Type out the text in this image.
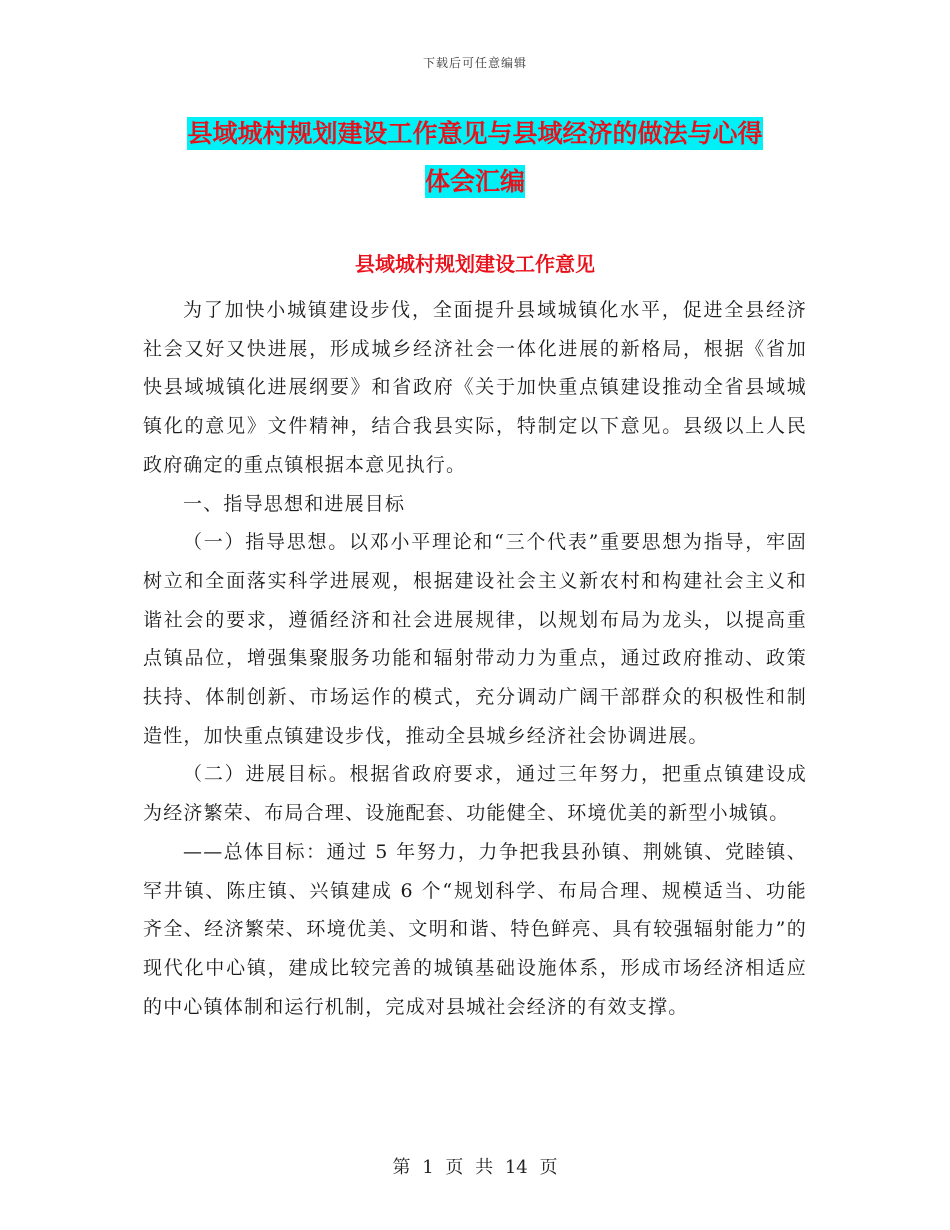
下载后可任意编辑
县域城村规划建设工作意见与县域经济的做法与心得
体会汇编
县域城村规划建设工作意见

为了加快小城镇建设步伐，全面提升县域城镇化水平，促进全县经济社会又好又快进展，形成城乡经济社会一体化进展的新格局，根据《省加快县域城镇化进展纲要》和省政府《关于加快重点镇建设推动全省县域城镇化的意见》文件精神，结合我县实际，特制定以下意见。县级以上人民政府确定的重点镇根据本意见执行。

一、指导思想和进展目标

（一）指导思想。以邓小平理论和“三个代表”重要思想为指导，牢固树立和全面落实科学进展观，根据建设社会主义新农村和构建社会主义和谐社会的要求，遵循经济和社会进展规律，以规划布局为龙头，以提高重点镇品位，增强集聚服务功能和辐射带动力为重点，通过政府推动、政策扶持、体制创新、市场运作的模式，充分调动广阔干部群众的积极性和制造性，加快重点镇建设步伐，推动全县城乡经济社会协调进展。

（二）进展目标。根据省政府要求，通过三年努力，把重点镇建设成为经济繁荣、布局合理、设施配套、功能健全、环境优美的新型小城镇。

——总体目标：通过 5 年努力，力争把我县孙镇、荆姚镇、党睦镇、罕井镇、陈庄镇、兴镇建成 6 个“规划科学、布局合理、规模适当、功能齐全、经济繁荣、环境优美、文明和谐、特色鲜亮、具有较强辐射能力”的现代化中心镇，建成比较完善的城镇基础设施体系，形成市场经济相适应的中心镇体制和运行机制，完成对县城社会经济的有效支撑。

第 1 页 共 14 页
